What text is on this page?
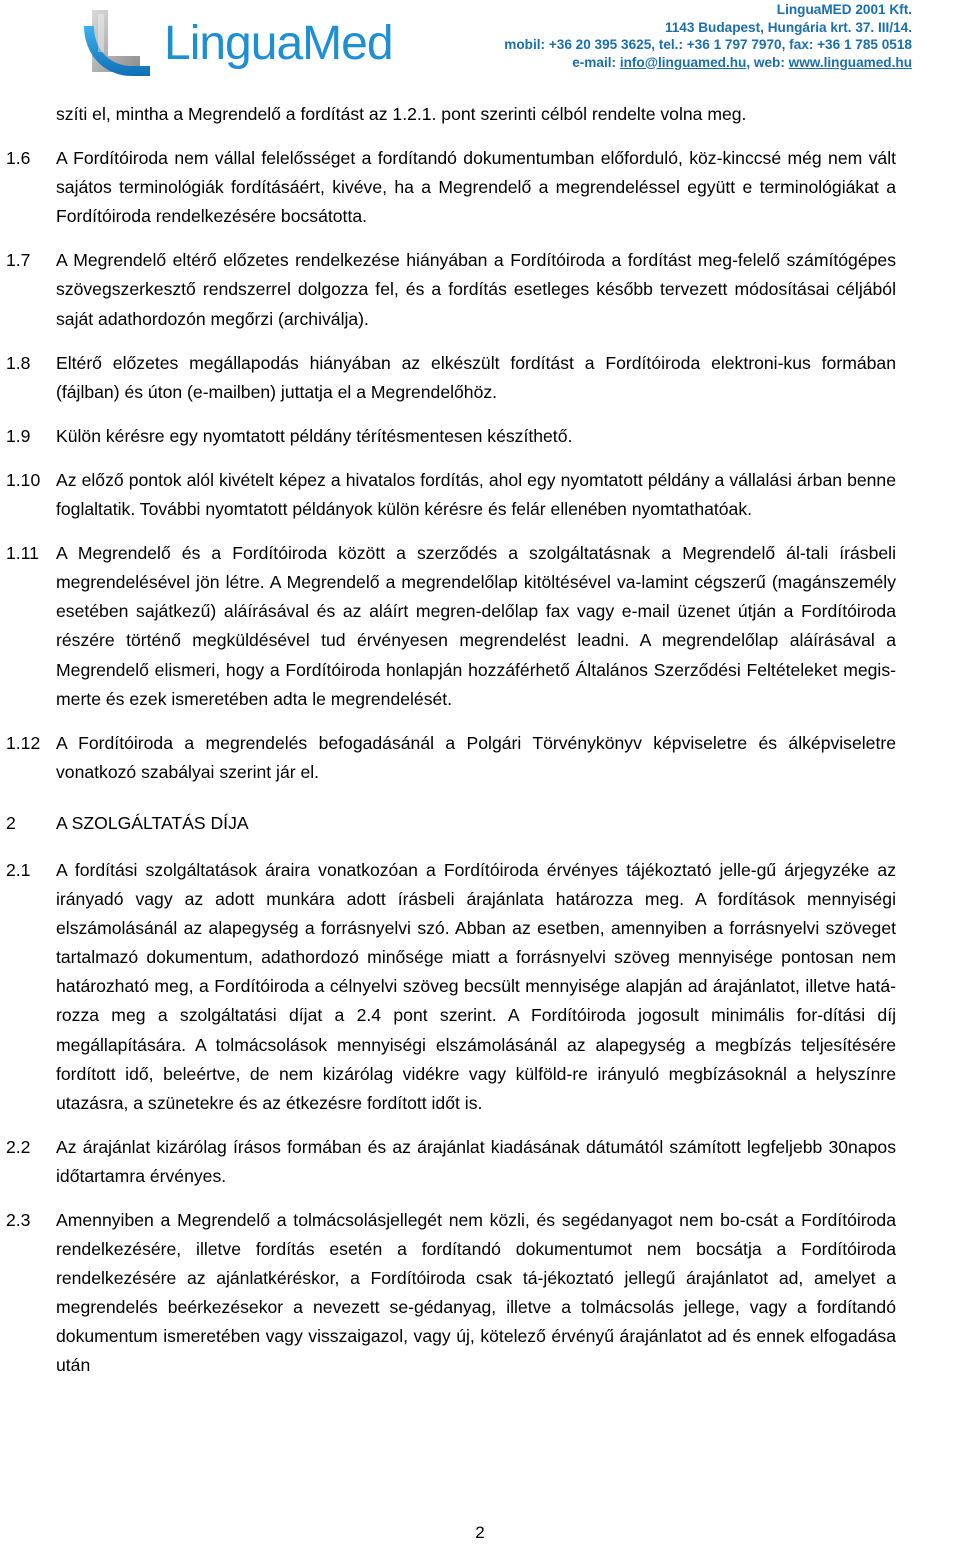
LinguaMed
LinguaMED 2001 Kft.
1143 Budapest, Hungária krt. 37. III/14.
mobil: +36 20 395 3625, tel.: +36 1 797 7970, fax: +36 1 785 0518
e-mail: info@linguamed.hu, web: www.linguamed.hu

szíti el, mintha a Megrendelő a fordítást az 1.2.1. pont szerinti célból rendelte volna meg.

1.6 A Fordítóiroda nem vállal felelősséget a fordítandó dokumentumban előforduló, köz-kinccsé még nem vált sajátos terminológiák fordításáért, kivéve, ha a Megrendelő a megrendeléssel együtt e terminológiákat a Fordítóiroda rendelkezésére bocsátotta.
1.7 A Megrendelő eltérő előzetes rendelkezése hiányában a Fordítóiroda a fordítást meg-felelő számítógépes szövegszerkesztő rendszerrel dolgozza fel, és a fordítás esetleges később tervezett módosításai céljából saját adathordozón megőrzi (archiválja).
1.8 Eltérő előzetes megállapodás hiányában az elkészült fordítást a Fordítóiroda elektroni-kus formában (fájlban) és úton (e-mailben) juttatja el a Megrendelőhöz.
1.9 Külön kérésre egy nyomtatott példány térítésmentesen készíthető.
1.10 Az előző pontok alól kivételt képez a hivatalos fordítás, ahol egy nyomtatott példány a vállalási árban benne foglaltatik. További nyomtatott példányok külön kérésre és felár ellenében nyomtathatóak.
1.11 A Megrendelő és a Fordítóiroda között a szerződés a szolgáltatásnak a Megrendelő ál-tali írásbeli megrendelésével jön létre. A Megrendelő a megrendelőlap kitöltésével va-lamint cégszerű (magánszemély esetében sajátkezű) aláírásával és az aláírt megren-delőlap fax vagy e-mail üzenet útján a Fordítóiroda részére történő megküldésével tud érvényesen megrendelést leadni. A megrendelőlap aláírásával a Megrendelő elismeri, hogy a Fordítóiroda honlapján hozzáférhető Általános Szerződési Feltételeket megis-merte és ezek ismeretében adta le megrendelését.
1.12 A Fordítóiroda a megrendelés befogadásánál a Polgári Törvénykönyv képviseletre és álképviseletre vonatkozó szabályai szerint jár el.
2 A SZOLGÁLTATÁS DÍJA
2.1 A fordítási szolgáltatások áraira vonatkozóan a Fordítóiroda érvényes tájékoztató jelle-gű árjegyzéke az irányadó vagy az adott munkára adott írásbeli árajánlata határozza meg. A fordítások mennyiségi elszámolásánál az alapegység a forrásnyelvi szó. Abban az esetben, amennyiben a forrásnyelvi szöveget tartalmazó dokumentum, adathordozó minősége miatt a forrásnyelvi szöveg mennyisége pontosan nem határozható meg, a Fordítóiroda a célnyelvi szöveg becsült mennyisége alapján ad árajánlatot, illetve hatá-rozza meg a szolgáltatási díjat a 2.4 pont szerint. A Fordítóiroda jogosult minimális for-dítási díj megállapítására. A tolmácsolások mennyiségi elszámolásánál az alapegység a megbízás teljesítésére fordított idő, beleértve, de nem kizárólag vidékre vagy külföld-re irányuló megbízásoknál a helyszínre utazásra, a szünetekre és az étkezésre fordított időt is.
2.2 Az árajánlat kizárólag írásos formában és az árajánlat kiadásának dátumától számított legfeljebb 30napos időtartamra érvényes.
2.3 Amennyiben a Megrendelő a tolmácsolásjellegét nem közli, és segédanyagot nem bo-csát a Fordítóiroda rendelkezésére, illetve fordítás esetén a fordítandó dokumentumot nem bocsátja a Fordítóiroda rendelkezésére az ajánlatkéréskor, a Fordítóiroda csak tá-jékoztató jellegű árajánlatot ad, amelyet a megrendelés beérkezésekor a nevezett se-gédanyag, illetve a tolmácsolás jellege, vagy a fordítandó dokumentum ismeretében vagy visszaigazol, vagy új, kötelező érvényű árajánlatot ad és ennek elfogadása után
2
